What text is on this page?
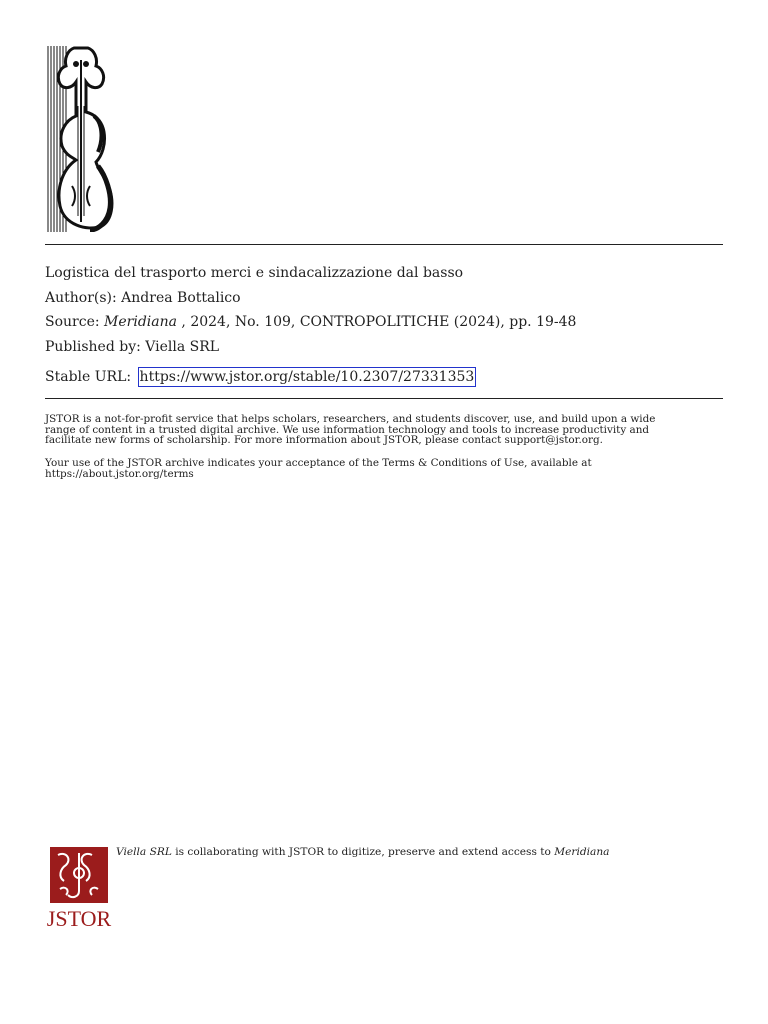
Logistica del trasporto merci e sindacalizzazione dal basso
Author(s): Andrea Bottalico
Source: Meridiana , 2024, No. 109, CONTROPOLITICHE (2024), pp. 19-48
Published by: Viella SRL
Stable URL: https://www.jstor.org/stable/10.2307/27331353
JSTOR is a not-for-profit service that helps scholars, researchers, and students discover, use, and build upon a wide
range of content in a trusted digital archive. We use information technology and tools to increase productivity and
facilitate new forms of scholarship. For more information about JSTOR, please contact support@jstor.org.
Your use of the JSTOR archive indicates your acceptance of the Terms & Conditions of Use, available at
https://about.jstor.org/terms
JSTOR
Viella SRL is collaborating with JSTOR to digitize, preserve and extend access to Meridiana
